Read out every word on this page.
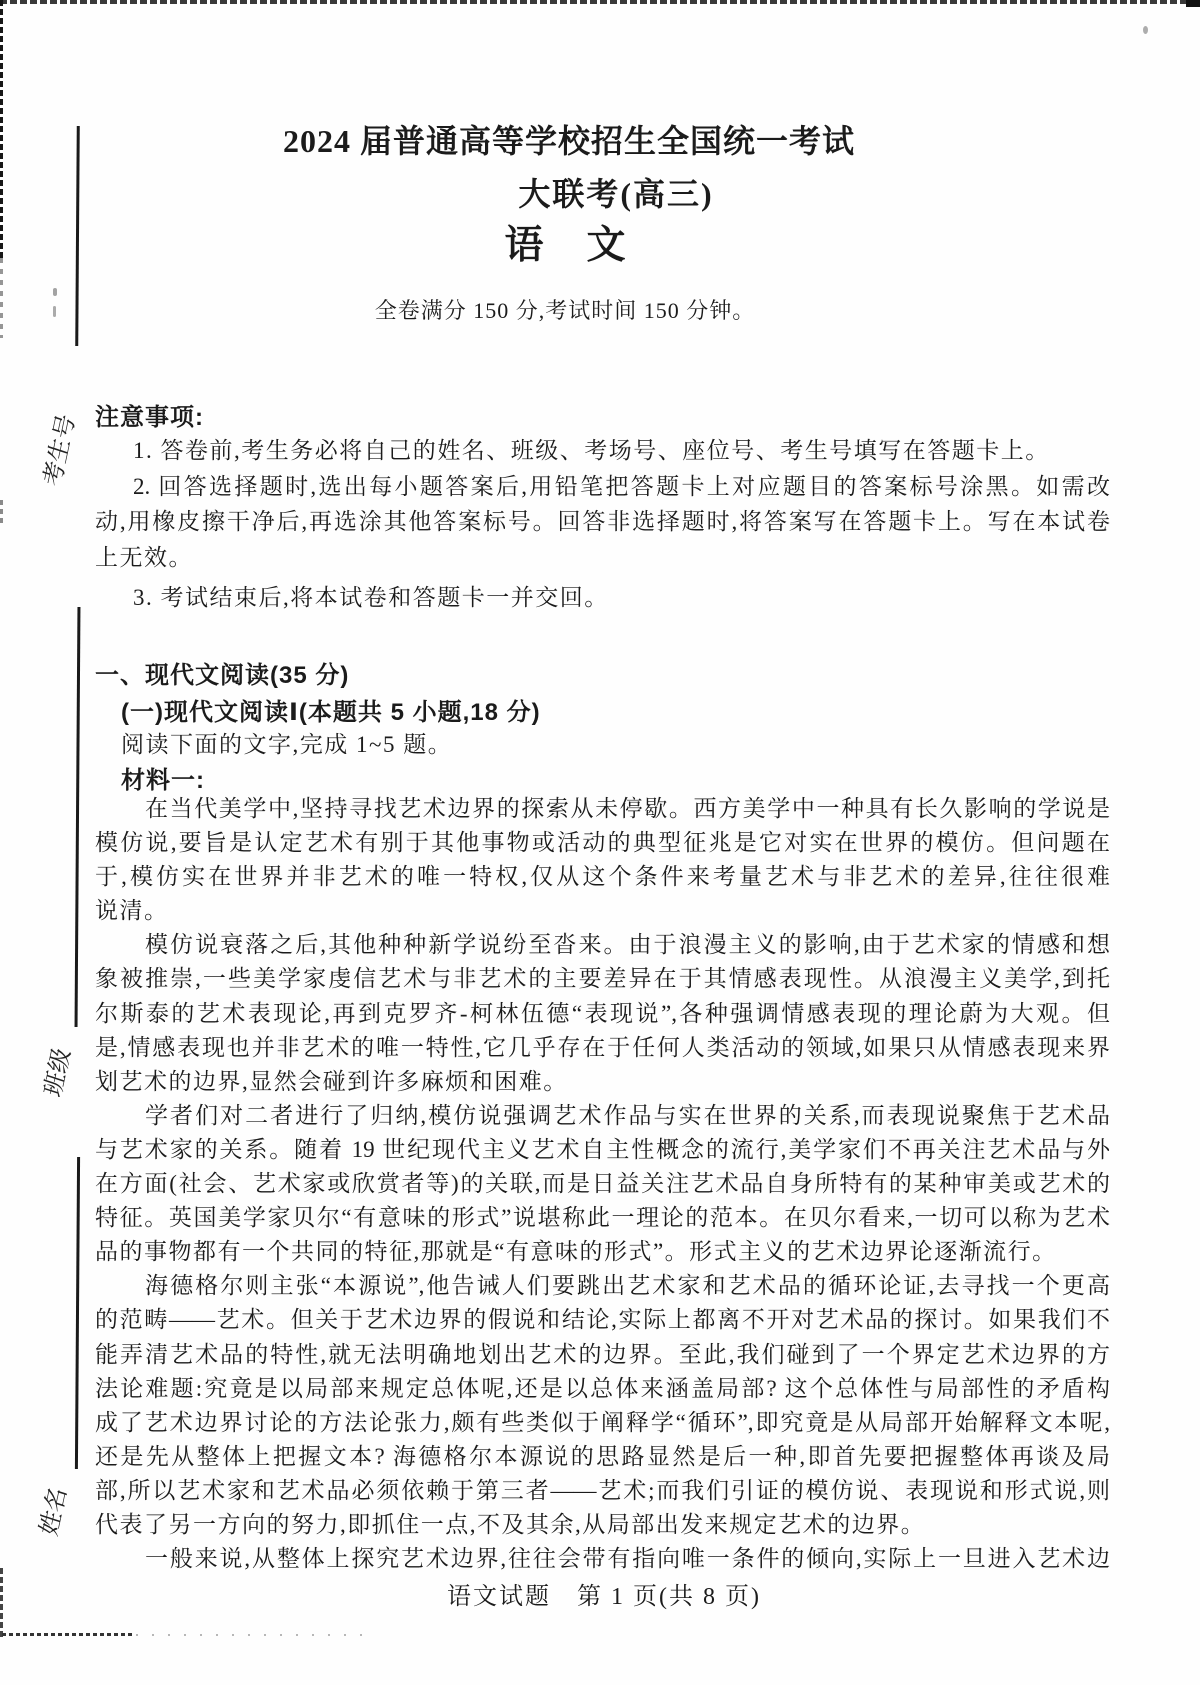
考生号
班级
姓名
2024 届普通高等学校招生全国统一考试
大联考(高三)
语　文
全卷满分 150 分,考试时间 150 分钟。
注意事项:
1. 答卷前,考生务必将自己的姓名、班级、考场号、座位号、考生号填写在答题卡上。
2. 回答选择题时,选出每小题答案后,用铅笔把答题卡上对应题目的答案标号涂黑。如需改
动,用橡皮擦干净后,再选涂其他答案标号。回答非选择题时,将答案写在答题卡上。写在本试卷
上无效。
3. 考试结束后,将本试卷和答题卡一并交回。
一、现代文阅读(35 分)
(一)现代文阅读Ⅰ(本题共 5 小题,18 分)
阅读下面的文字,完成 1~5 题。
材料一:
在当代美学中,坚持寻找艺术边界的探索从未停歇。西方美学中一种具有长久影响的学说是
模仿说,要旨是认定艺术有别于其他事物或活动的典型征兆是它对实在世界的模仿。但问题在
于,模仿实在世界并非艺术的唯一特权,仅从这个条件来考量艺术与非艺术的差异,往往很难
说清。
模仿说衰落之后,其他种种新学说纷至沓来。由于浪漫主义的影响,由于艺术家的情感和想
象被推崇,一些美学家虔信艺术与非艺术的主要差异在于其情感表现性。从浪漫主义美学,到托
尔斯泰的艺术表现论,再到克罗齐-柯林伍德“表现说”,各种强调情感表现的理论蔚为大观。但
是,情感表现也并非艺术的唯一特性,它几乎存在于任何人类活动的领域,如果只从情感表现来界
划艺术的边界,显然会碰到许多麻烦和困难。
学者们对二者进行了归纳,模仿说强调艺术作品与实在世界的关系,而表现说聚焦于艺术品
与艺术家的关系。随着 19 世纪现代主义艺术自主性概念的流行,美学家们不再关注艺术品与外
在方面(社会、艺术家或欣赏者等)的关联,而是日益关注艺术品自身所特有的某种审美或艺术的
特征。英国美学家贝尔“有意味的形式”说堪称此一理论的范本。在贝尔看来,一切可以称为艺术
品的事物都有一个共同的特征,那就是“有意味的形式”。形式主义的艺术边界论逐渐流行。
海德格尔则主张“本源说”,他告诫人们要跳出艺术家和艺术品的循环论证,去寻找一个更高
的范畴——艺术。但关于艺术边界的假说和结论,实际上都离不开对艺术品的探讨。如果我们不
能弄清艺术品的特性,就无法明确地划出艺术的边界。至此,我们碰到了一个界定艺术边界的方
法论难题:究竟是以局部来规定总体呢,还是以总体来涵盖局部? 这个总体性与局部性的矛盾构
成了艺术边界讨论的方法论张力,颇有些类似于阐释学“循环”,即究竟是从局部开始解释文本呢,
还是先从整体上把握文本? 海德格尔本源说的思路显然是后一种,即首先要把握整体再谈及局
部,所以艺术家和艺术品必须依赖于第三者——艺术;而我们引证的模仿说、表现说和形式说,则
代表了另一方向的努力,即抓住一点,不及其余,从局部出发来规定艺术的边界。
一般来说,从整体上探究艺术边界,往往会带有指向唯一条件的倾向,实际上一旦进入艺术边
语文试题　第 1 页(共 8 页)
